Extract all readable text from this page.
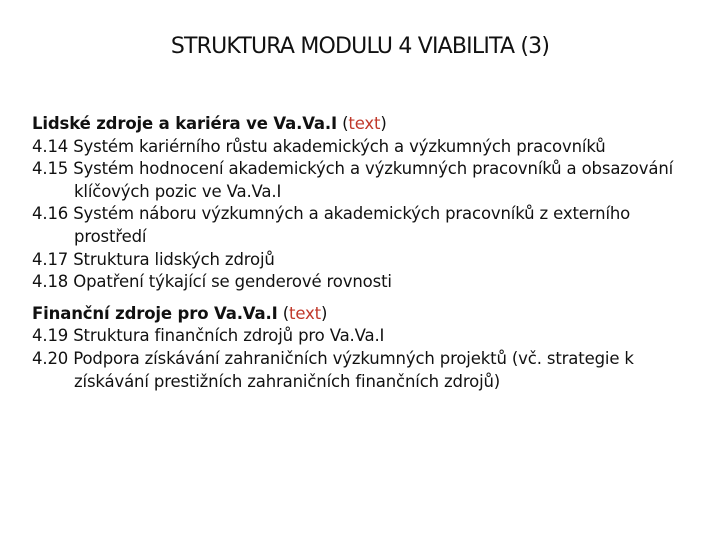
STRUKTURA MODULU 4 VIABILITA (3)

Lidské zdroje a kariéra ve Va.Va.I (text)

4.14 Systém kariérního růstu akademických a výzkumných pracovníků

4.15 Systém hodnocení akademických a výzkumných pracovníků a obsazování klíčových pozic ve Va.Va.I

4.16 Systém náboru výzkumných a akademických pracovníků z externího prostředí

4.17 Struktura lidských zdrojů

4.18 Opatření týkající se genderové rovnosti

Finanční zdroje pro Va.Va.I (text)

4.19 Struktura finančních zdrojů pro Va.Va.I

4.20 Podpora získávání zahraničních výzkumných projektů (vč. strategie k získávání prestižních zahraničních finančních zdrojů)
